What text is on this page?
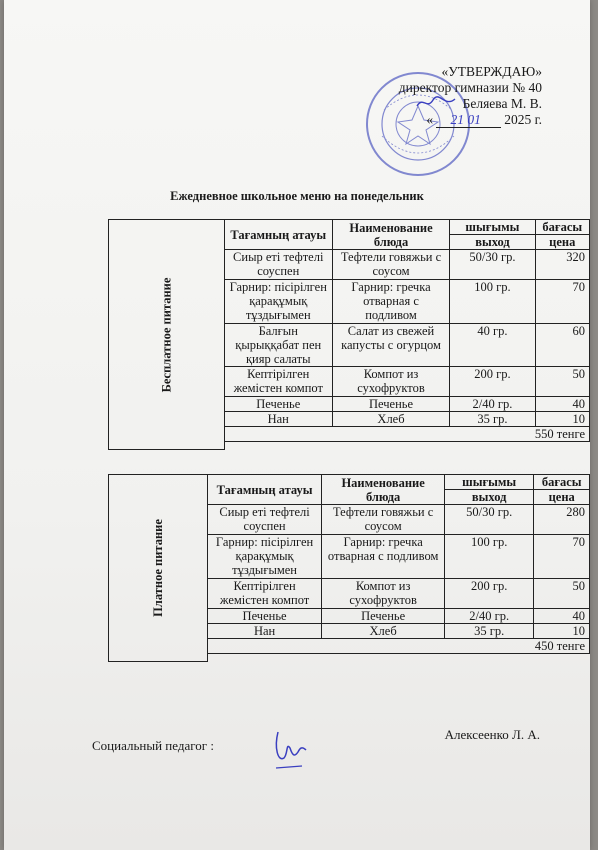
«УТВЕРЖДАЮ»
директор гимназии № 40
Беляева М. В.
« 21 01 2025 г.
Ежедневное школьное меню на понедельник
Бесплатное питание	Тағамның атауы	Наименование блюда	шығымы	бағасы
			выход	цена
	Сиыр еті тефтелі соуспен	Тефтели говяжьи с соусом	50/30 гр.	320
	Гарнир: пісірілген қарақұмық тұздығымен	Гарнир: гречка отварная с подливом	100 гр.	70
	Балғын қырыққабат пен қияр салаты	Салат из свежей капусты с огурцом	40 гр.	60
	Кептірілген жемістен компот	Компот из сухофруктов	200 гр.	50
	Печенье	Печенье	2/40 гр.	40
	Нан	Хлеб	35 гр.	10
	550 тенге			

Платное питание	Тағамның атауы	Наименование блюда	шығымы	бағасы
			выход	цена
	Сиыр еті тефтелі соуспен	Тефтели говяжьи с соусом	50/30 гр.	280
	Гарнир: пісірілген қарақұмық тұздығымен	Гарнир: гречка отварная с подливом	100 гр.	70
	Кептірілген жемістен компот	Компот из сухофруктов	200 гр.	50
	Печенье	Печенье	2/40 гр.	40
	Нан	Хлеб	35 гр.	10
	450 тенге			

Социальный педагог :
Алексеенко Л. А.
